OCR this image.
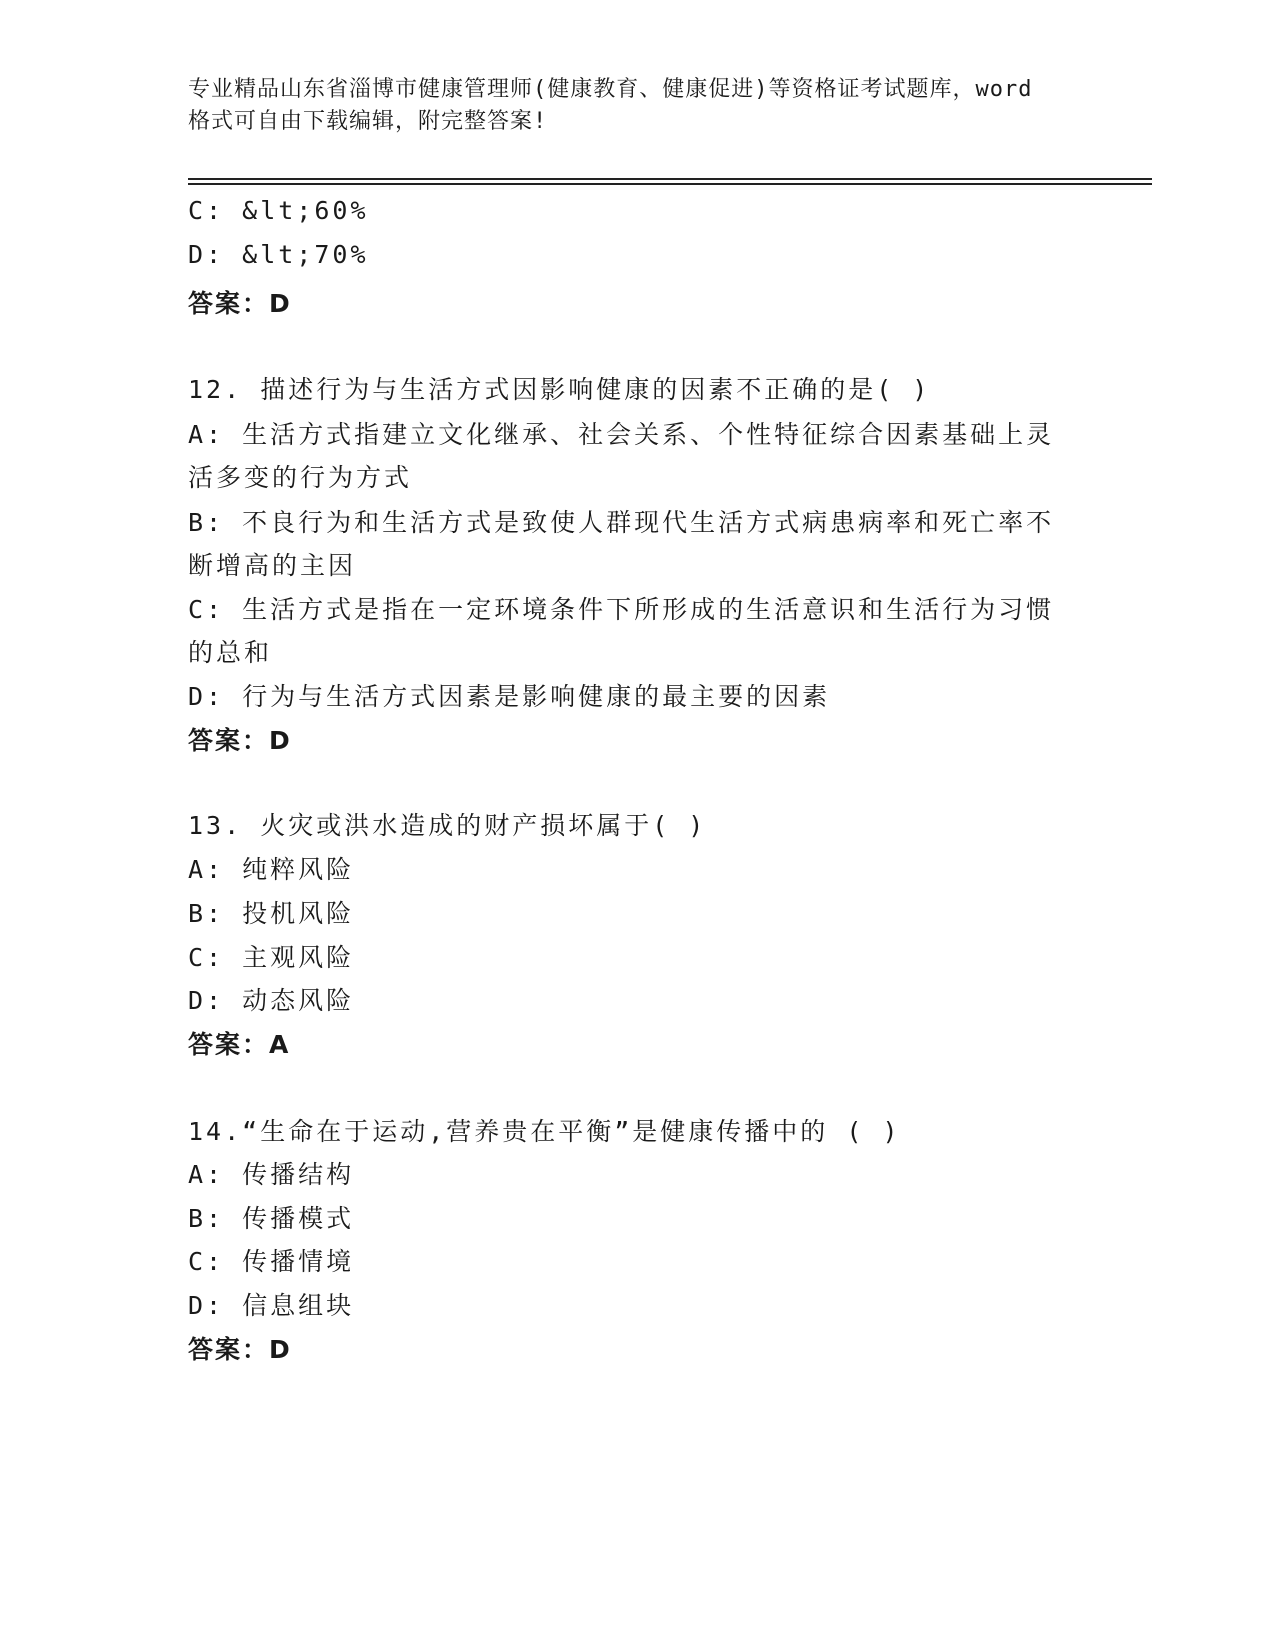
专业精品山东省淄博市健康管理师(健康教育、健康促进)等资格证考试题库，word
格式可自由下载编辑，附完整答案!
C: &lt;60%
D: &lt;70%
答案：D
12. 描述行为与生活方式因影响健康的因素不正确的是( )
A: 生活方式指建立文化继承、社会关系、个性特征综合因素基础上灵
活多变的行为方式
B: 不良行为和生活方式是致使人群现代生活方式病患病率和死亡率不
断增高的主因
C: 生活方式是指在一定环境条件下所形成的生活意识和生活行为习惯
的总和
D: 行为与生活方式因素是影响健康的最主要的因素
答案：D
13. 火灾或洪水造成的财产损坏属于( )
A: 纯粹风险
B: 投机风险
C: 主观风险
D: 动态风险
答案：A
14.“生命在于运动,营养贵在平衡”是健康传播中的 ( )
A: 传播结构
B: 传播模式
C: 传播情境
D: 信息组块
答案：D
